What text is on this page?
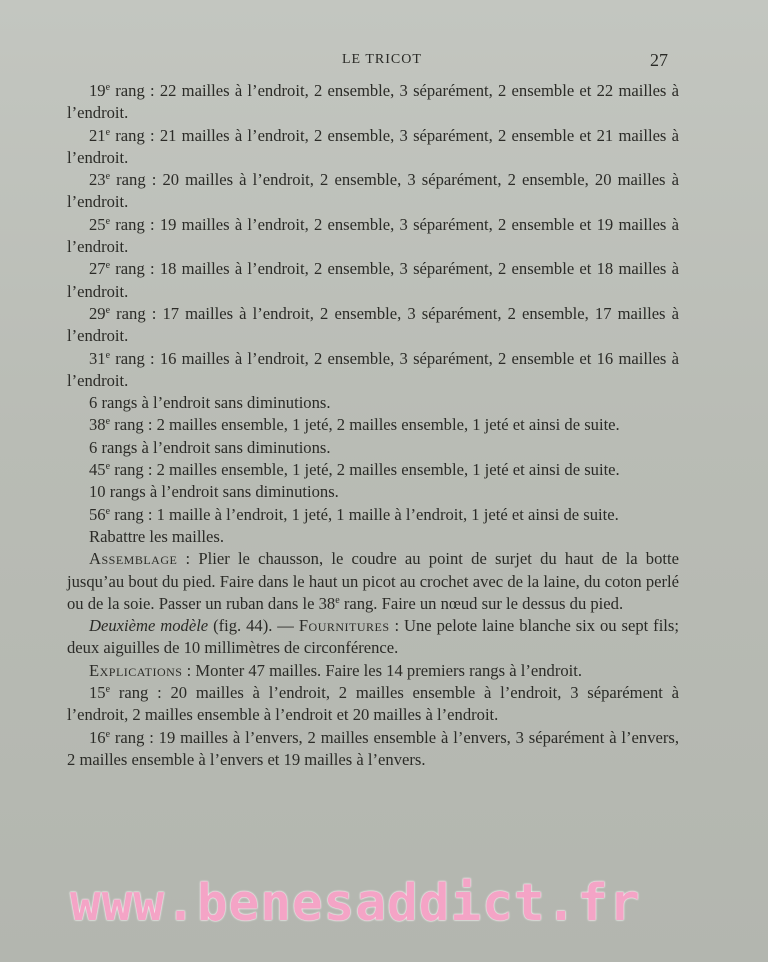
LE TRICOT	27

19e rang : 22 mailles à l’endroit, 2 ensemble, 3 séparément, 2 ensemble et 22 mailles à l’endroit.

21e rang : 21 mailles à l’endroit, 2 ensemble, 3 séparément, 2 ensemble et 21 mailles à l’endroit.

23e rang : 20 mailles à l’endroit, 2 ensemble, 3 séparément, 2 ensemble, 20 mailles à l’endroit.

25e rang : 19 mailles à l’endroit, 2 ensemble, 3 séparément, 2 ensemble et 19 mailles à l’endroit.

27e rang : 18 mailles à l’endroit, 2 ensemble, 3 séparément, 2 ensemble et 18 mailles à l’endroit.

29e rang : 17 mailles à l’endroit, 2 ensemble, 3 séparément, 2 ensemble, 17 mailles à l’endroit.

31e rang : 16 mailles à l’endroit, 2 ensemble, 3 séparément, 2 ensemble et 16 mailles à l’endroit.

6 rangs à l’endroit sans diminutions.

38e rang : 2 mailles ensemble, 1 jeté, 2 mailles ensemble, 1 jeté et ainsi de suite.

6 rangs à l’endroit sans diminutions.

45e rang : 2 mailles ensemble, 1 jeté, 2 mailles ensemble, 1 jeté et ainsi de suite.

10 rangs à l’endroit sans diminutions.

56e rang : 1 maille à l’endroit, 1 jeté, 1 maille à l’endroit, 1 jeté et ainsi de suite.

Rabattre les mailles.

Assemblage : Plier le chausson, le coudre au point de surjet du haut de la botte jusqu’au bout du pied. Faire dans le haut un picot au crochet avec de la laine, du coton perlé ou de la soie. Passer un ruban dans le 38e rang. Faire un nœud sur le dessus du pied.

Deuxième modèle (fig. 44). — Fournitures : Une pelote laine blanche six ou sept fils; deux aiguilles de 10 millimètres de circonférence.

Explications : Monter 47 mailles. Faire les 14 premiers rangs à l’endroit.

15e rang : 20 mailles à l’endroit, 2 mailles ensemble à l’endroit, 3 séparément à l’endroit, 2 mailles ensemble à l’endroit et 20 mailles à l’endroit.

16e rang : 19 mailles à l’envers, 2 mailles ensemble à l’envers, 3 séparément à l’envers, 2 mailles ensemble à l’envers et 19 mailles à l’envers.

www.benesaddict.fr
